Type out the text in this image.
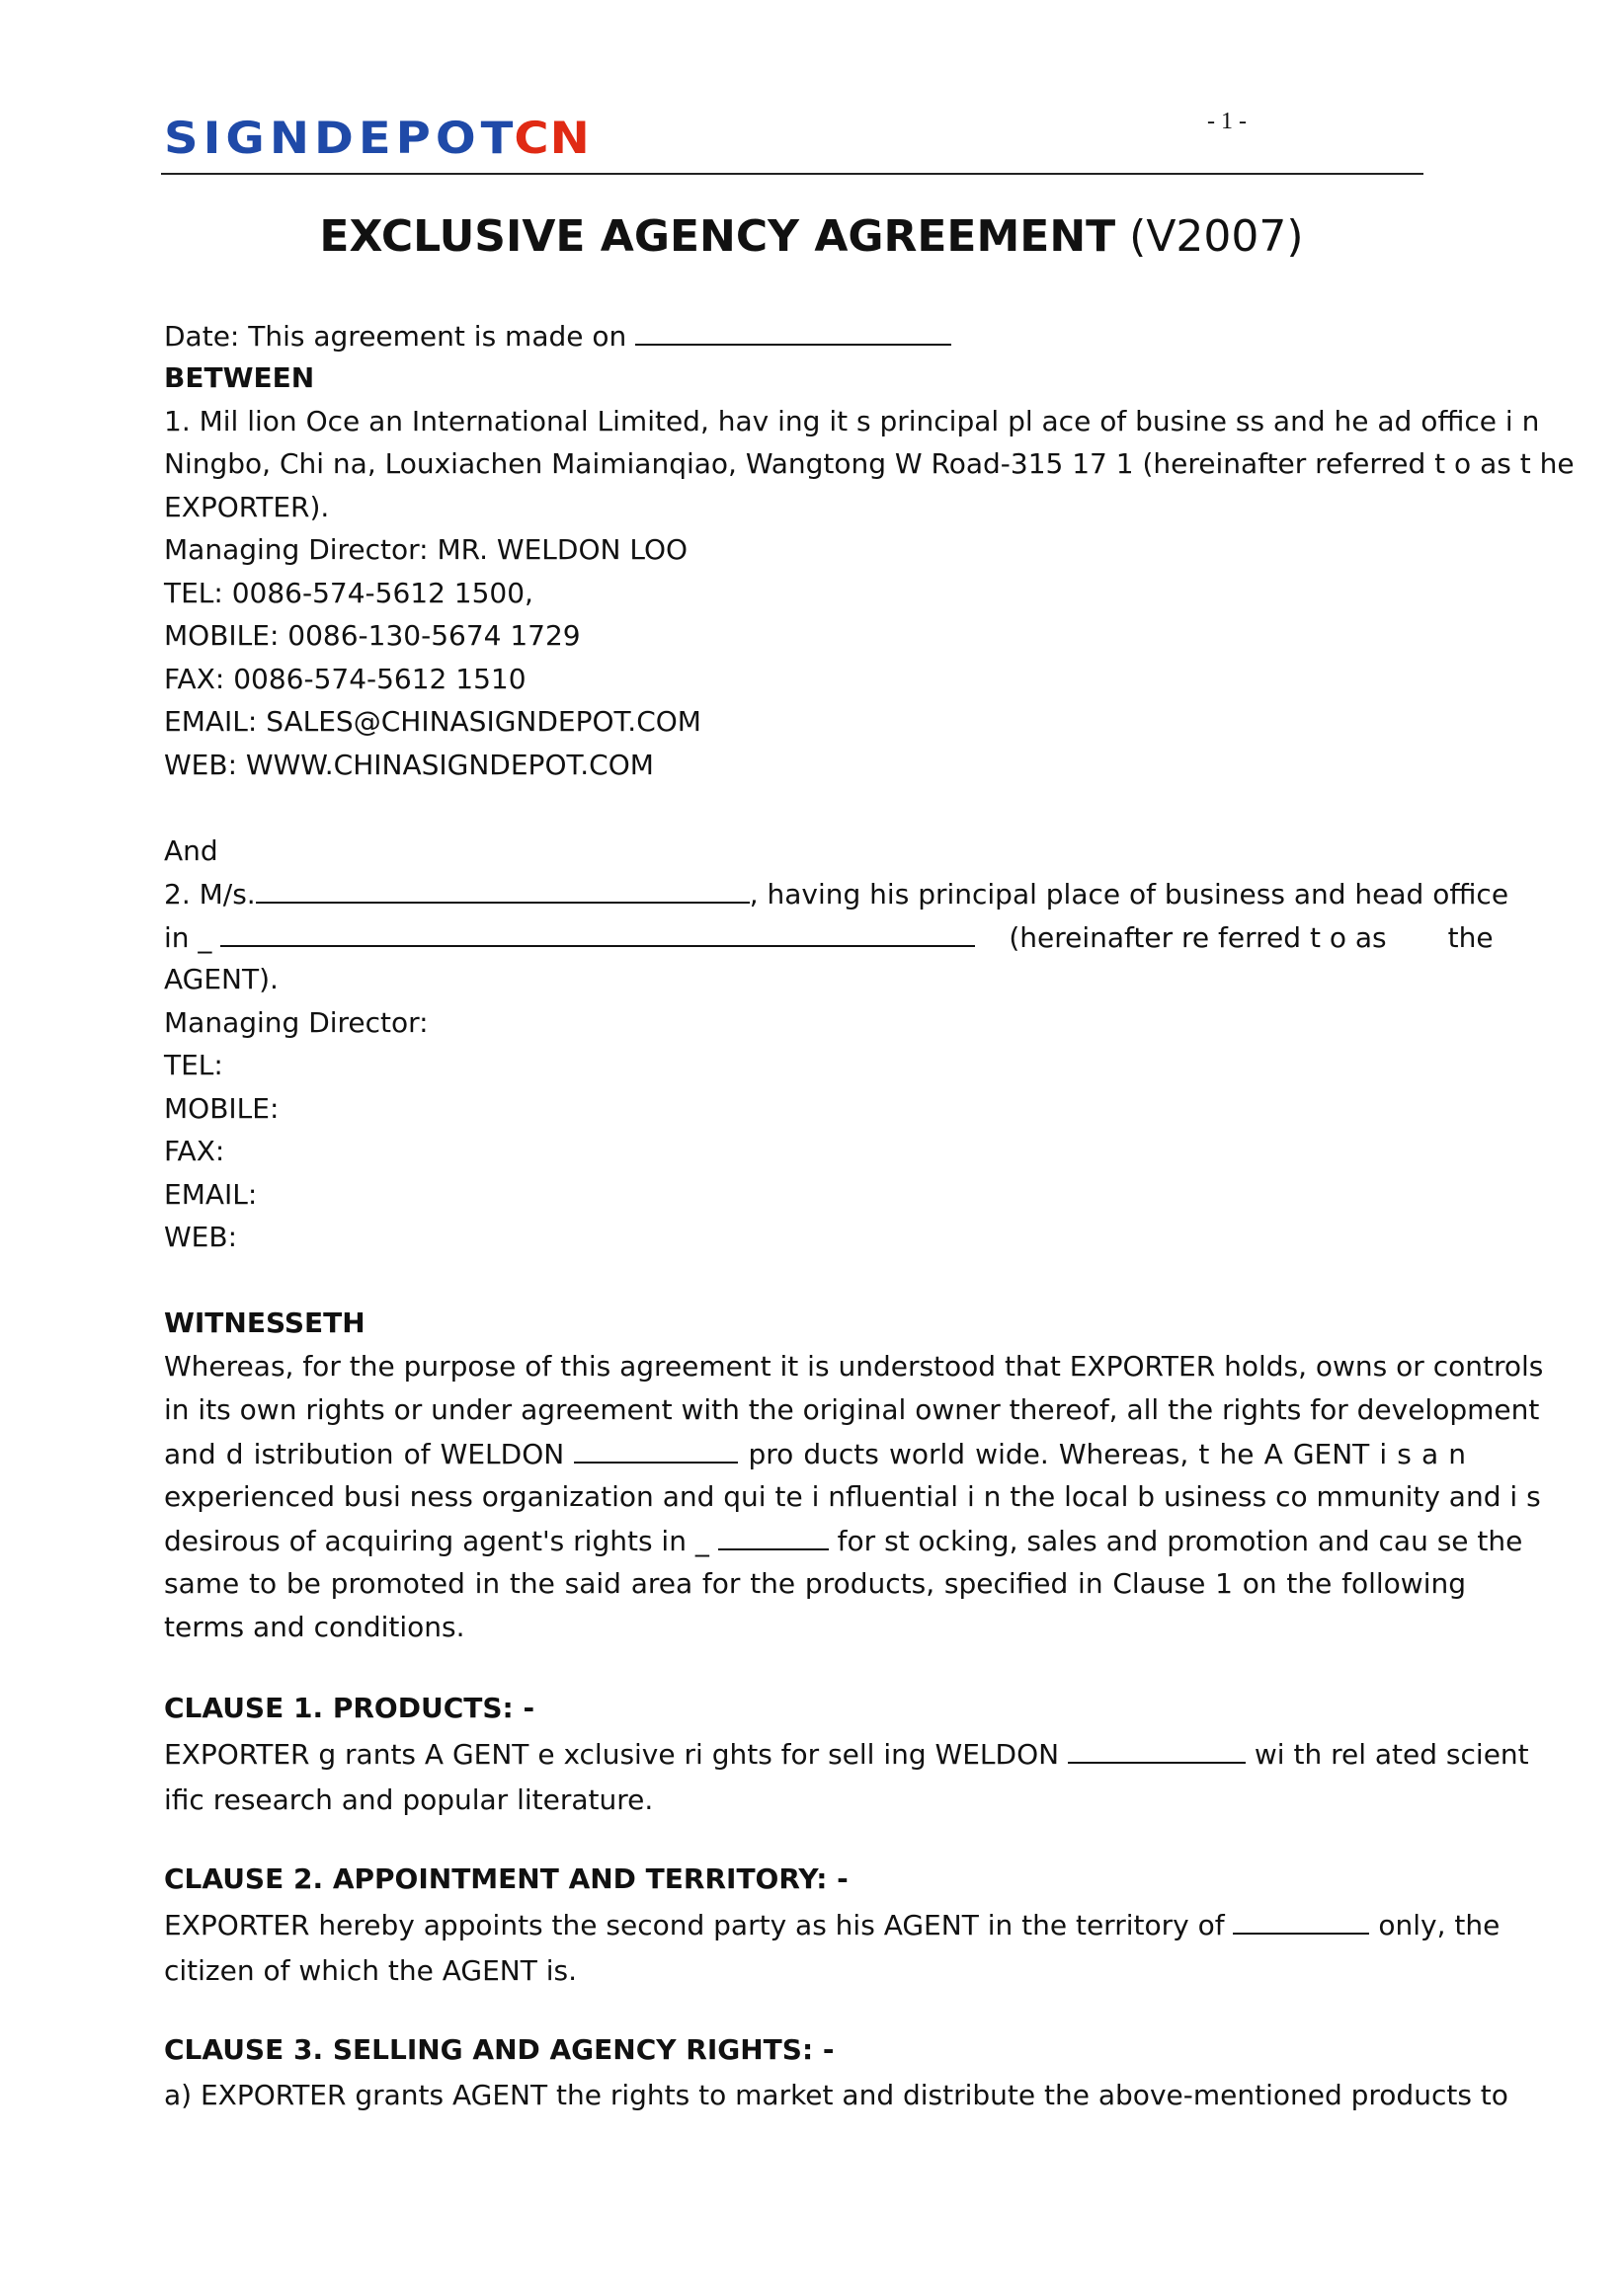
SIGNDEPOTCN	- 1 -
EXCLUSIVE AGENCY AGREEMENT (V2007)
Date: This agreement is made on
BETWEEN
1. Mil lion Oce an International Limited, hav ing it s principal pl ace of busine ss and he ad office i n
Ningbo, Chi na, Louxiachen Maimianqiao, Wangtong W Road-315 17 1 (hereinafter referred t o as t he
EXPORTER).
Managing Director: MR. WELDON LOO
TEL: 0086-574-5612 1500,
MOBILE: 0086-130-5674 1729
FAX: 0086-574-5612 1510
EMAIL: SALES@CHINASIGNDEPOT.COM
WEB: WWW.CHINASIGNDEPOT.COM
And
2. M/s.	, having his principal place of business and head office
in _	(hereinafter re ferred t o as the
AGENT).
Managing Director:
TEL:
MOBILE:
FAX:
EMAIL:
WEB:
WITNESSETH
Whereas, for the purpose of this agreement it is understood that EXPORTER holds, owns or controls
in its own rights or under agreement with the original owner thereof, all the rights for development
and d istribution of WELDON	pro ducts world wide. Whereas, t he A GENT i s a n
experienced busi ness organization and qui te i nfluential i n the local b usiness co mmunity and i s
desirous of acquiring agent's rights in _	for st ocking, sales and promotion and cau se the
same to be promoted in the said area for the products, specified in Clause 1 on the following
terms and conditions.
CLAUSE 1. PRODUCTS: -
EXPORTER g rants A GENT e xclusive ri ghts for sell ing WELDON	wi th rel ated scient
ific research and popular literature.
CLAUSE 2. APPOINTMENT AND TERRITORY: -
EXPORTER hereby appoints the second party as his AGENT in the territory of	only, the
citizen of which the AGENT is.
CLAUSE 3. SELLING AND AGENCY RIGHTS: -
a) EXPORTER grants AGENT the rights to market and distribute the above-mentioned products to
